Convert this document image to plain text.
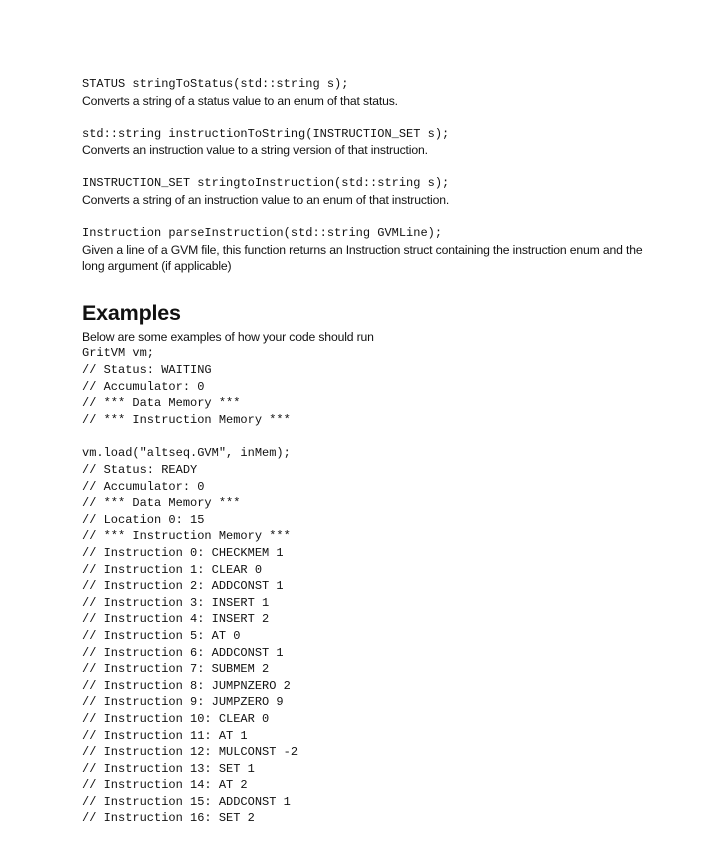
STATUS stringToStatus(std::string s);

Converts a string of a status value to an enum of that status.

std::string instructionToString(INSTRUCTION_SET s);

Converts an instruction value to a string version of that instruction.

INSTRUCTION_SET stringtoInstruction(std::string s);

Converts a string of an instruction value to an enum of that instruction.

Instruction parseInstruction(std::string GVMLine);

Given a line of a GVM file, this function returns an Instruction struct containing the instruction enum and the long argument (if applicable)

Examples

Below are some examples of how your code should run

GritVM vm;

// Status: WAITING

// Accumulator: 0

// *** Data Memory ***

// *** Instruction Memory ***

vm.load("altseq.GVM", inMem);

// Status: READY

// Accumulator: 0

// *** Data Memory ***

// Location 0: 15

// *** Instruction Memory ***

// Instruction 0: CHECKMEM 1

// Instruction 1: CLEAR 0

// Instruction 2: ADDCONST 1

// Instruction 3: INSERT 1

// Instruction 4: INSERT 2

// Instruction 5: AT 0

// Instruction 6: ADDCONST 1

// Instruction 7: SUBMEM 2

// Instruction 8: JUMPNZERO 2

// Instruction 9: JUMPZERO 9

// Instruction 10: CLEAR 0

// Instruction 11: AT 1

// Instruction 12: MULCONST -2

// Instruction 13: SET 1

// Instruction 14: AT 2

// Instruction 15: ADDCONST 1

// Instruction 16: SET 2
